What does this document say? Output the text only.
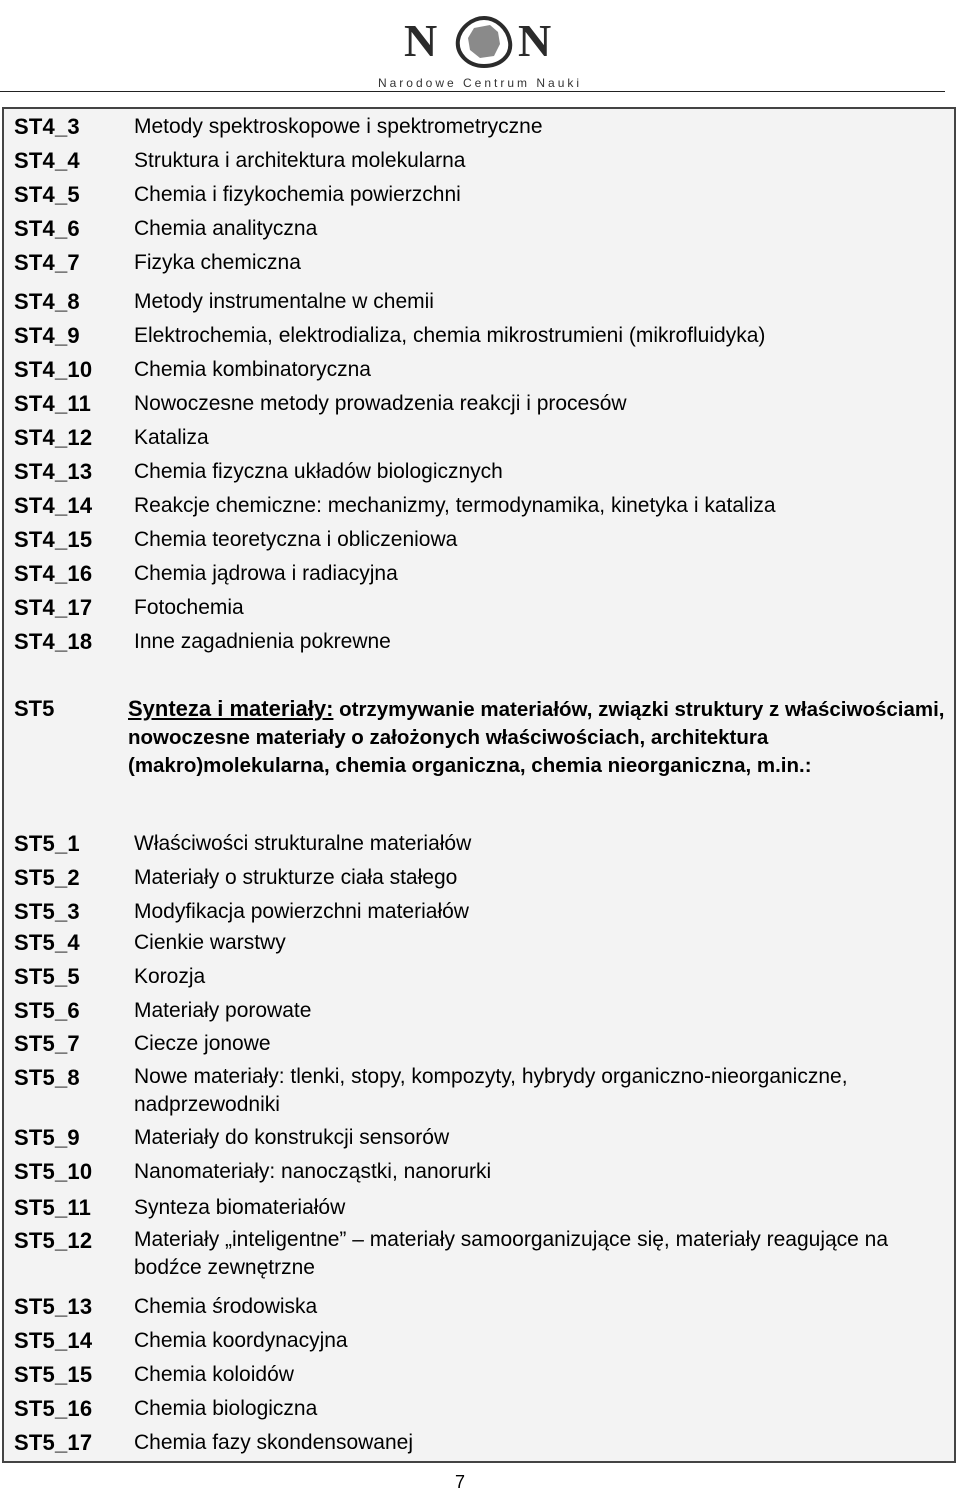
N N
Narodowe Centrum Nauki
ST4_3	Metody spektroskopowe i spektrometryczne
ST4_4	Struktura i architektura molekularna
ST4_5	Chemia i fizykochemia powierzchni
ST4_6	Chemia analityczna
ST4_7	Fizyka chemiczna
ST4_8	Metody instrumentalne w chemii
ST4_9	Elektrochemia, elektrodializa, chemia mikrostrumieni (mikrofluidyka)
ST4_10 Chemia kombinatoryczna
ST4_11 Nowoczesne metody prowadzenia reakcji i procesów
ST4_12 Kataliza
ST4_13 Chemia fizyczna układów biologicznych
ST4_14 Reakcje chemiczne: mechanizmy, termodynamika, kinetyka i kataliza
ST4_15 Chemia teoretyczna i obliczeniowa
ST4_16 Chemia jądrowa i radiacyjna
ST4_17 Fotochemia
ST4_18 Inne zagadnienia pokrewne
ST5	Synteza i materiały: otrzymywanie materiałów, związki struktury z właściwościami, nowoczesne materiały o założonych właściwościach, architektura (makro)molekularna, chemia organiczna, chemia nieorganiczna, m.in.:
ST5_1	Właściwości strukturalne materiałów
ST5_2	Materiały o strukturze ciała stałego
ST5_3	Modyfikacja powierzchni materiałów
ST5_4	Cienkie warstwy
ST5_5	Korozja
ST5_6	Materiały porowate
ST5_7	Ciecze jonowe
ST5_8	Nowe materiały: tlenki, stopy, kompozyty, hybrydy organiczno-nieorganiczne, nadprzewodniki
ST5_9	Materiały do konstrukcji sensorów
ST5_10 Nanomateriały: nanocząstki, nanorurki
ST5_11 Synteza biomateriałów
ST5_12 Materiały „inteligentne” – materiały samoorganizujące się, materiały reagujące na bodźce zewnętrzne
ST5_13 Chemia środowiska
ST5_14 Chemia koordynacyjna
ST5_15 Chemia koloidów
ST5_16 Chemia biologiczna
ST5_17 Chemia fazy skondensowanej
7
